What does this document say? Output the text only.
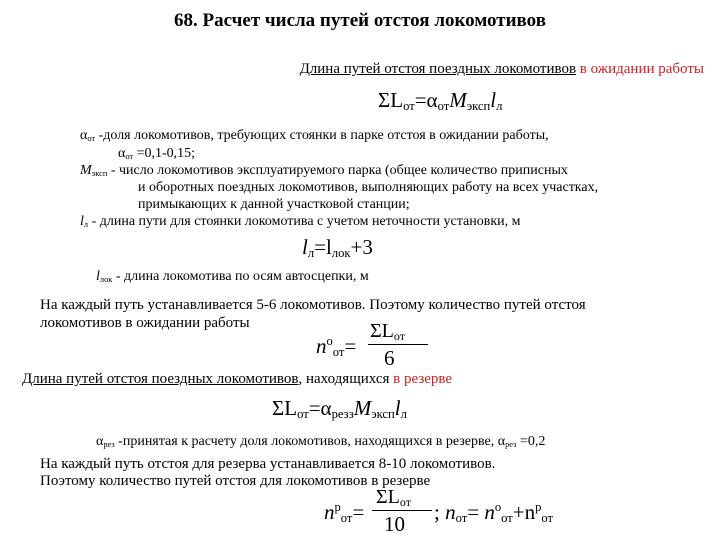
68. Расчет числа путей отстоя локомотивов
Длина путей отстоя поездных локомотивов в ожидании работы
$\Sigma L_{от}=\alpha_{от}M_{эксп}l_л$
$\alpha_{от}$ -доля локомотивов, требующих стоянки в парке отстоя в ожидании работы,
$\alpha_{от} =0,1-0,15$;
$M_{эксп}$ - число локомотивов эксплуатируемого парка (общее количество приписных
и оборотных поездных локомотивов, выполняющих работу на всех участках,
примыкающих к данной участковой станции;
$l_л$ - длина пути для стоянки локомотива с учетом неточности установки, м
$l_л=l_{лок}+3$
$l_{лок}$ - длина локомотива по осям автосцепки, м
На каждый путь устанавливается 5-6 локомотивов. Поэтому количество путей отстоя
локомотивов в ожидании работы
$n^о_{от}=$
$\Sigma L_{от}$
6
Длина путей отстоя поездных локомотивов, находящихся в резерве
$\Sigma L_{от}=\alpha_{резз}M_{эксп}l_л$
$\alpha_{рез}$ -принятая к расчету доля локомотивов, находящихся в резерве, $\alpha_{рез} =0,2$
На каждый путь отстоя для резерва устанавливается 8-10 локомотивов.
Поэтому количество путей отстоя для локомотивов в резерве
$n^р_{от}=$
$\Sigma L_{от}$
10 ; $n_{от}= n^о_{от}+n^р_{от}$
